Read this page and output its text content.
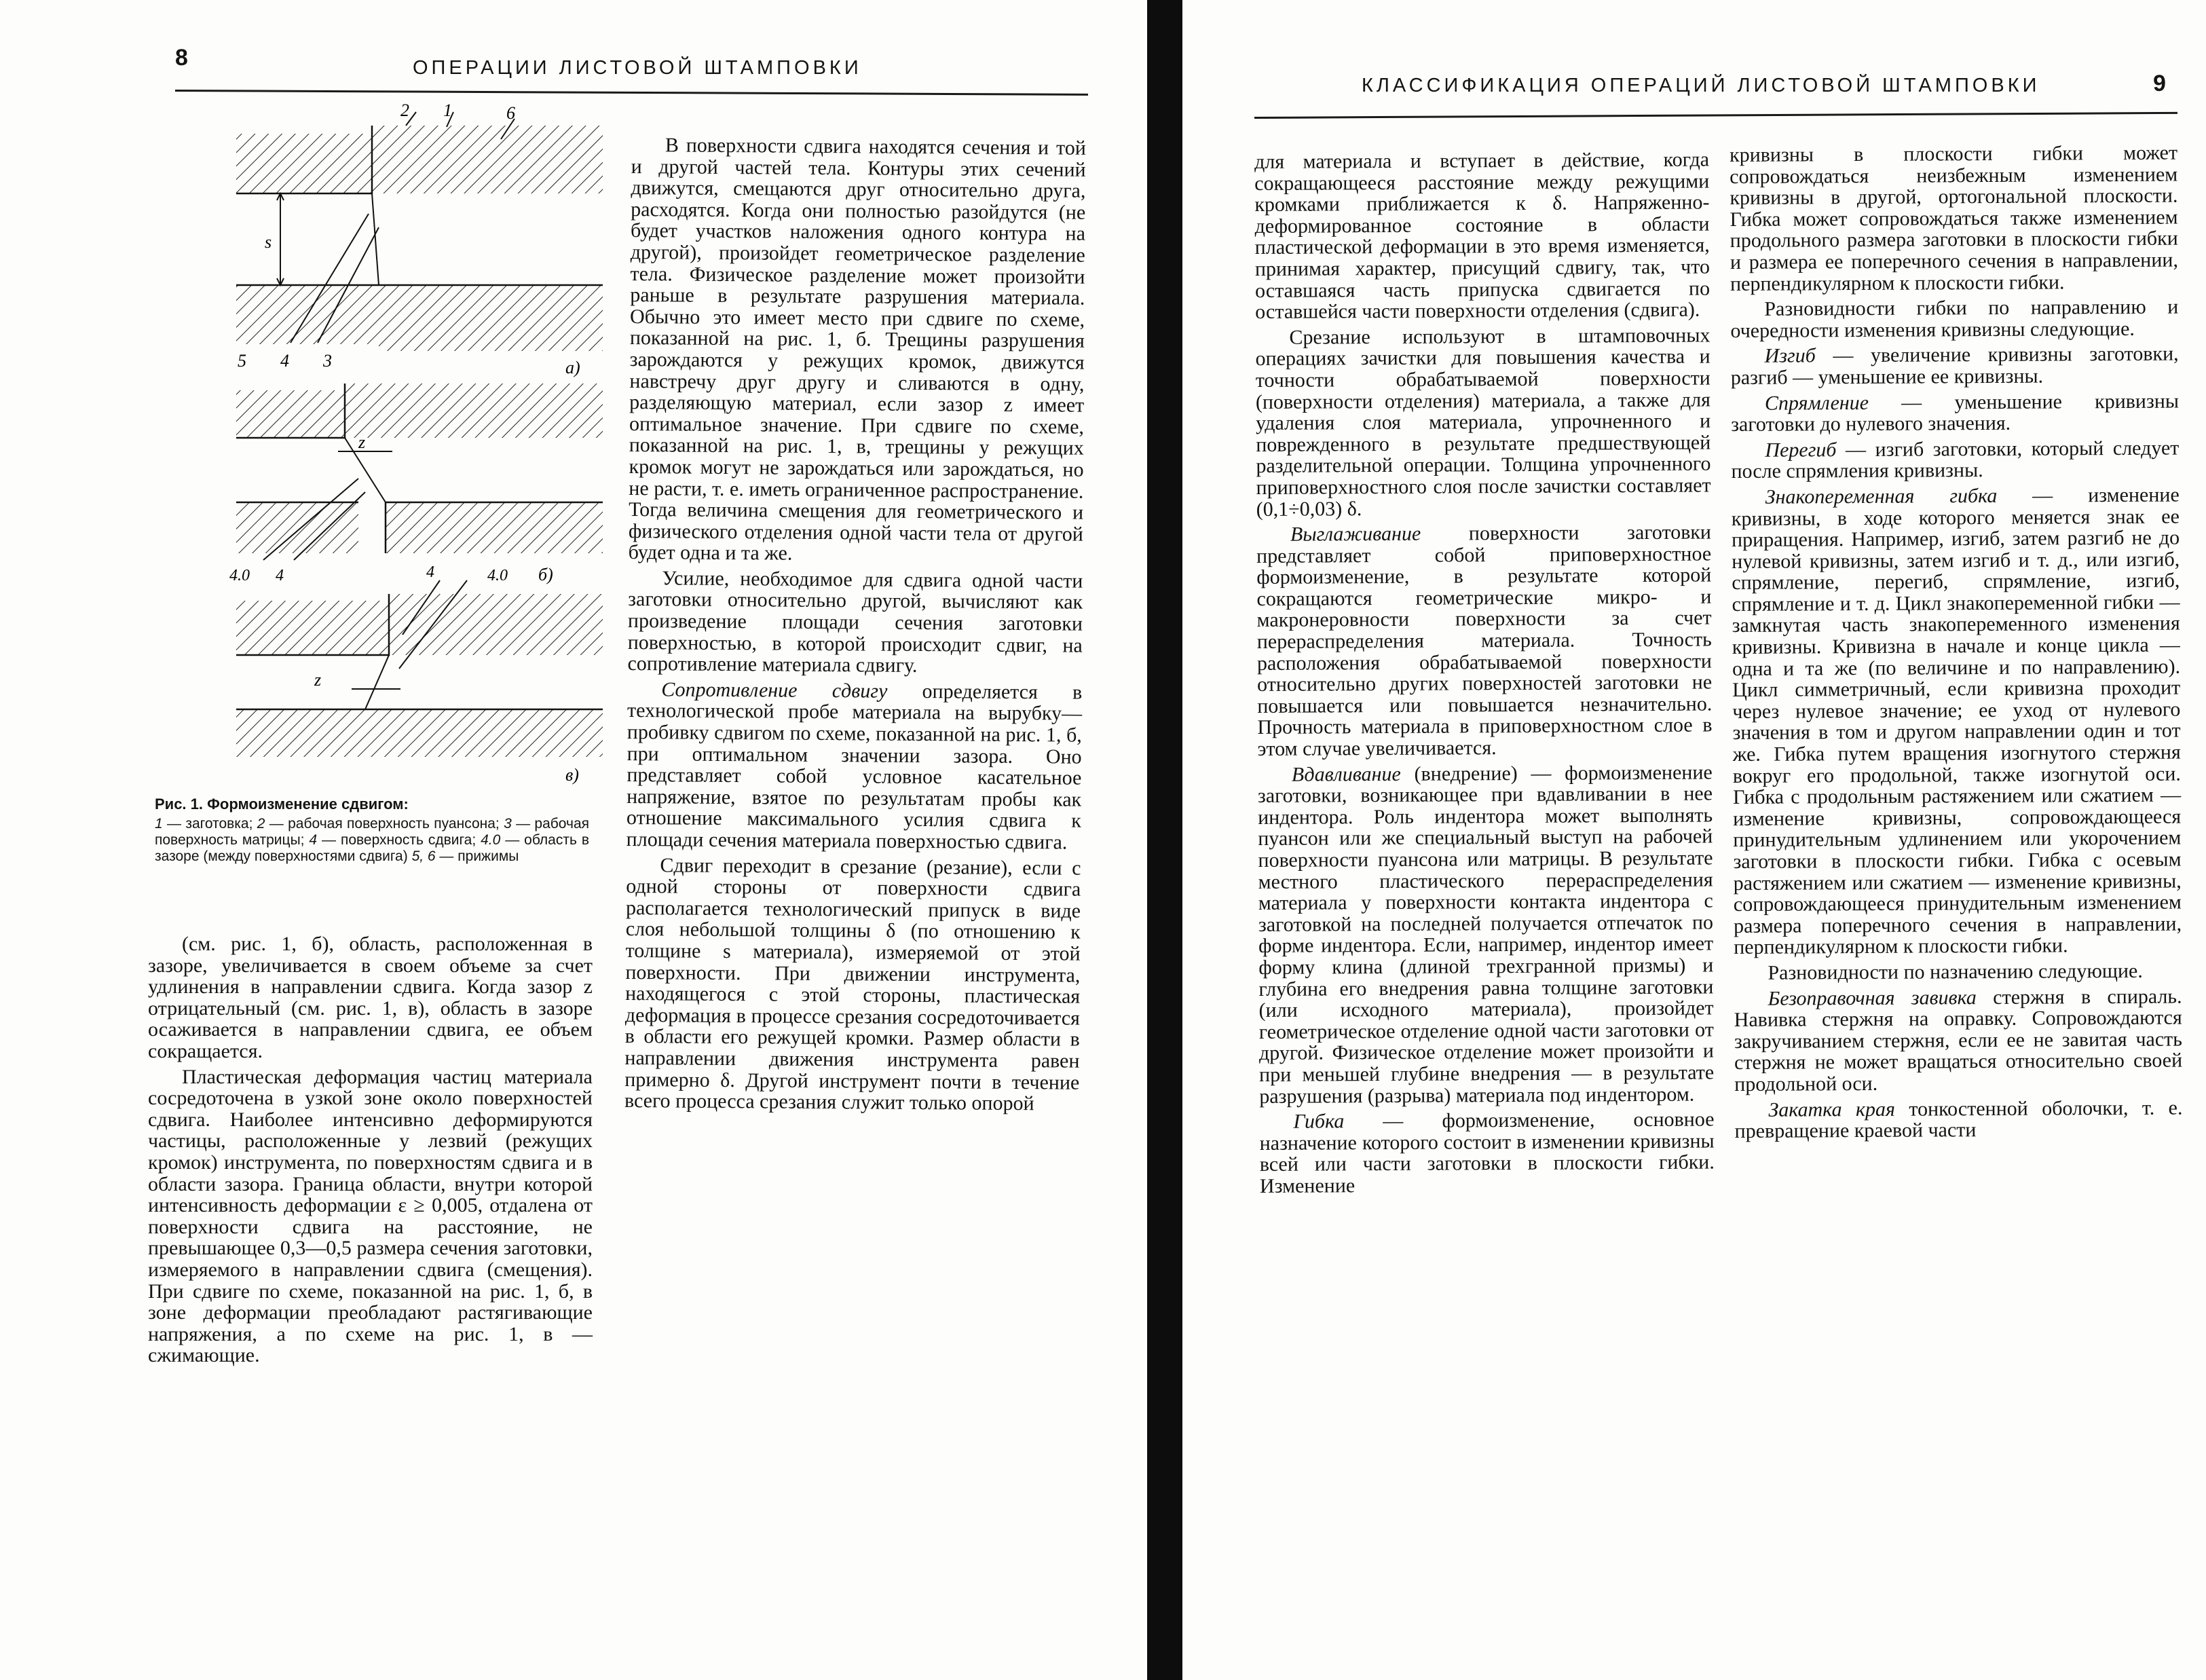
8	ОПЕРАЦИИ ЛИСТОВОЙ ШТАМПОВКИ
s
2 1	6
5 4 3	а)
z
4.0 4	4	4.0 б)
z
в)
Рис. 1. Формоизменение сдвигом:
1 — заготовка; 2 — рабочая поверхность пуансона; 3 — рабочая поверхность матрицы; 4 — поверхность сдвига; 4.0 — область в зазоре (между поверхностями сдвига) 5, 6 — прижимы

(см. рис. 1, б), область, расположенная в зазоре, увеличивается в своем объеме за счет удлинения в направлении сдвига. Когда зазор z отрицательный (см. рис. 1, в), область в зазоре осаживается в направлении сдвига, ее объем сокращается.

Пластическая деформация частиц материала сосредоточена в узкой зоне около поверхностей сдвига. Наиболее интенсивно деформируются частицы, расположенные у лезвий (режущих кромок) инструмента, по поверхностям сдвига и в области зазора. Граница области, внутри которой интенсивность деформации ε ≥ 0,005, отдалена от поверхности сдвига на расстояние, не превышающее 0,3—0,5 размера сечения заготовки, измеряемого в направлении сдвига (смещения). При сдвиге по схеме, показанной на рис. 1, б, в зоне деформации преобладают растягивающие напряжения, а по схеме на рис. 1, в — сжимающие.

В поверхности сдвига находятся сечения и той и другой частей тела. Контуры этих сечений движутся, смещаются друг относительно друга, расходятся. Когда они полностью разойдутся (не будет участков наложения одного контура на другой), произойдет геометрическое разделение тела. Физическое разделение может произойти раньше в результате разрушения материала. Обычно это имеет место при сдвиге по схеме, показанной на рис. 1, б. Трещины разрушения зарождаются у режущих кромок, движутся навстречу друг другу и сливаются в одну, разделяющую материал, если зазор z имеет оптимальное значение. При сдвиге по схеме, показанной на рис. 1, в, трещины у режущих кромок могут не зарождаться или зарождаться, но не расти, т. е. иметь ограниченное распространение. Тогда величина смещения для геометрического и физического отделения одной части тела от другой будет одна и та же.

Усилие, необходимое для сдвига одной части заготовки относительно другой, вычисляют как произведение площади сечения заготовки поверхностью, в которой происходит сдвиг, на сопротивление материала сдвигу.

Сопротивление сдвигу определяется в технологической пробе материала на вырубку—пробивку сдвигом по схеме, показанной на рис. 1, б, при оптимальном значении зазора. Оно представляет собой условное касательное напряжение, взятое по результатам пробы как отношение максимального усилия сдвига к площади сечения материала поверхностью сдвига.

Сдвиг переходит в срезание (резание), если с одной стороны от поверхности сдвига располагается технологический припуск в виде слоя небольшой толщины δ (по отношению к толщине s материала), измеряемой от этой поверхности. При движении инструмента, находящегося с этой стороны, пластическая деформация в процессе срезания сосредоточивается в области его режущей кромки. Размер области в направлении движения инструмента равен примерно δ. Другой инструмент почти в течение всего процесса срезания служит только опорой

КЛАССИФИКАЦИЯ ОПЕРАЦИЙ ЛИСТОВОЙ ШТАМПОВКИ	9

для материала и вступает в действие, когда сокращающееся расстояние между режущими кромками приближается к δ. Напряженно-деформированное состояние в области пластической деформации в это время изменяется, принимая характер, присущий сдвигу, так, что оставшаяся часть припуска сдвигается по оставшейся части поверхности отделения (сдвига).

Срезание используют в штамповочных операциях зачистки для повышения качества и точности обрабатываемой поверхности (поверхности отделения) материала, а также для удаления слоя материала, упрочненного и поврежденного в результате предшествующей разделительной операции. Толщина упрочненного приповерхностного слоя после зачистки составляет (0,1÷0,03) δ.

Выглаживание поверхности заготовки представляет собой приповерхностное формоизменение, в результате которой сокращаются геометрические микро- и макронеровности поверхности за счет перераспределения материала. Точность расположения обрабатываемой поверхности относительно других поверхностей заготовки не повышается или повышается незначительно. Прочность материала в приповерхностном слое в этом случае увеличивается.

Вдавливание (внедрение) — формоизменение заготовки, возникающее при вдавливании в нее индентора. Роль индентора может выполнять пуансон или же специальный выступ на рабочей поверхности пуансона или матрицы. В результате местного пластического перераспределения материала у поверхности контакта индентора с заготовкой на последней получается отпечаток по форме индентора. Если, например, индентор имеет форму клина (длиной трехгранной призмы) и глубина его внедрения равна толщине заготовки (или исходного материала), произойдет геометрическое отделение одной части заготовки от другой. Физическое отделение может произойти и при меньшей глубине внедрения — в результате разрушения (разрыва) материала под индентором.

Гибка — формоизменение, основное назначение которого состоит в изменении кривизны всей или части заготовки в плоскости гибки. Изменение

кривизны в плоскости гибки может сопровождаться неизбежным изменением кривизны в другой, ортогональной плоскости. Гибка может сопровождаться также изменением продольного размера заготовки в плоскости гибки и размера ее поперечного сечения в направлении, перпендикулярном к плоскости гибки.

Разновидности гибки по направлению и очередности изменения кривизны следующие.

Изгиб — увеличение кривизны заготовки, разгиб — уменьшение ее кривизны.

Спрямление — уменьшение кривизны заготовки до нулевого значения.

Перегиб — изгиб заготовки, который следует после спрямления кривизны.

Знакопеременная гибка — изменение кривизны, в ходе которого меняется знак ее приращения. Например, изгиб, затем разгиб не до нулевой кривизны, затем изгиб и т. д., или изгиб, спрямление, перегиб, спрямление, изгиб, спрямление и т. д. Цикл знакопеременной гибки — замкнутая часть знакопеременного изменения кривизны. Кривизна в начале и конце цикла — одна и та же (по величине и по направлению). Цикл симметричный, если кривизна проходит через нулевое значение; ее уход от нулевого значения в том и другом направлении один и тот же. Гибка путем вращения изогнутого стержня вокруг его продольной, также изогнутой оси. Гибка с продольным растяжением или сжатием — изменение кривизны, сопровождающееся принудительным удлинением или укорочением заготовки в плоскости гибки. Гибка с осевым растяжением или сжатием — изменение кривизны, сопровождающееся принудительным изменением размера поперечного сечения в направлении, перпендикулярном к плоскости гибки.

Разновидности по назначению следующие.

Безоправочная завивка стержня в спираль. Навивка стержня на оправку. Сопровождаются закручиванием стержня, если ее не завитая часть стержня не может вращаться относительно своей продольной оси.

Закатка края тонкостенной оболочки, т. е. превращение краевой части
